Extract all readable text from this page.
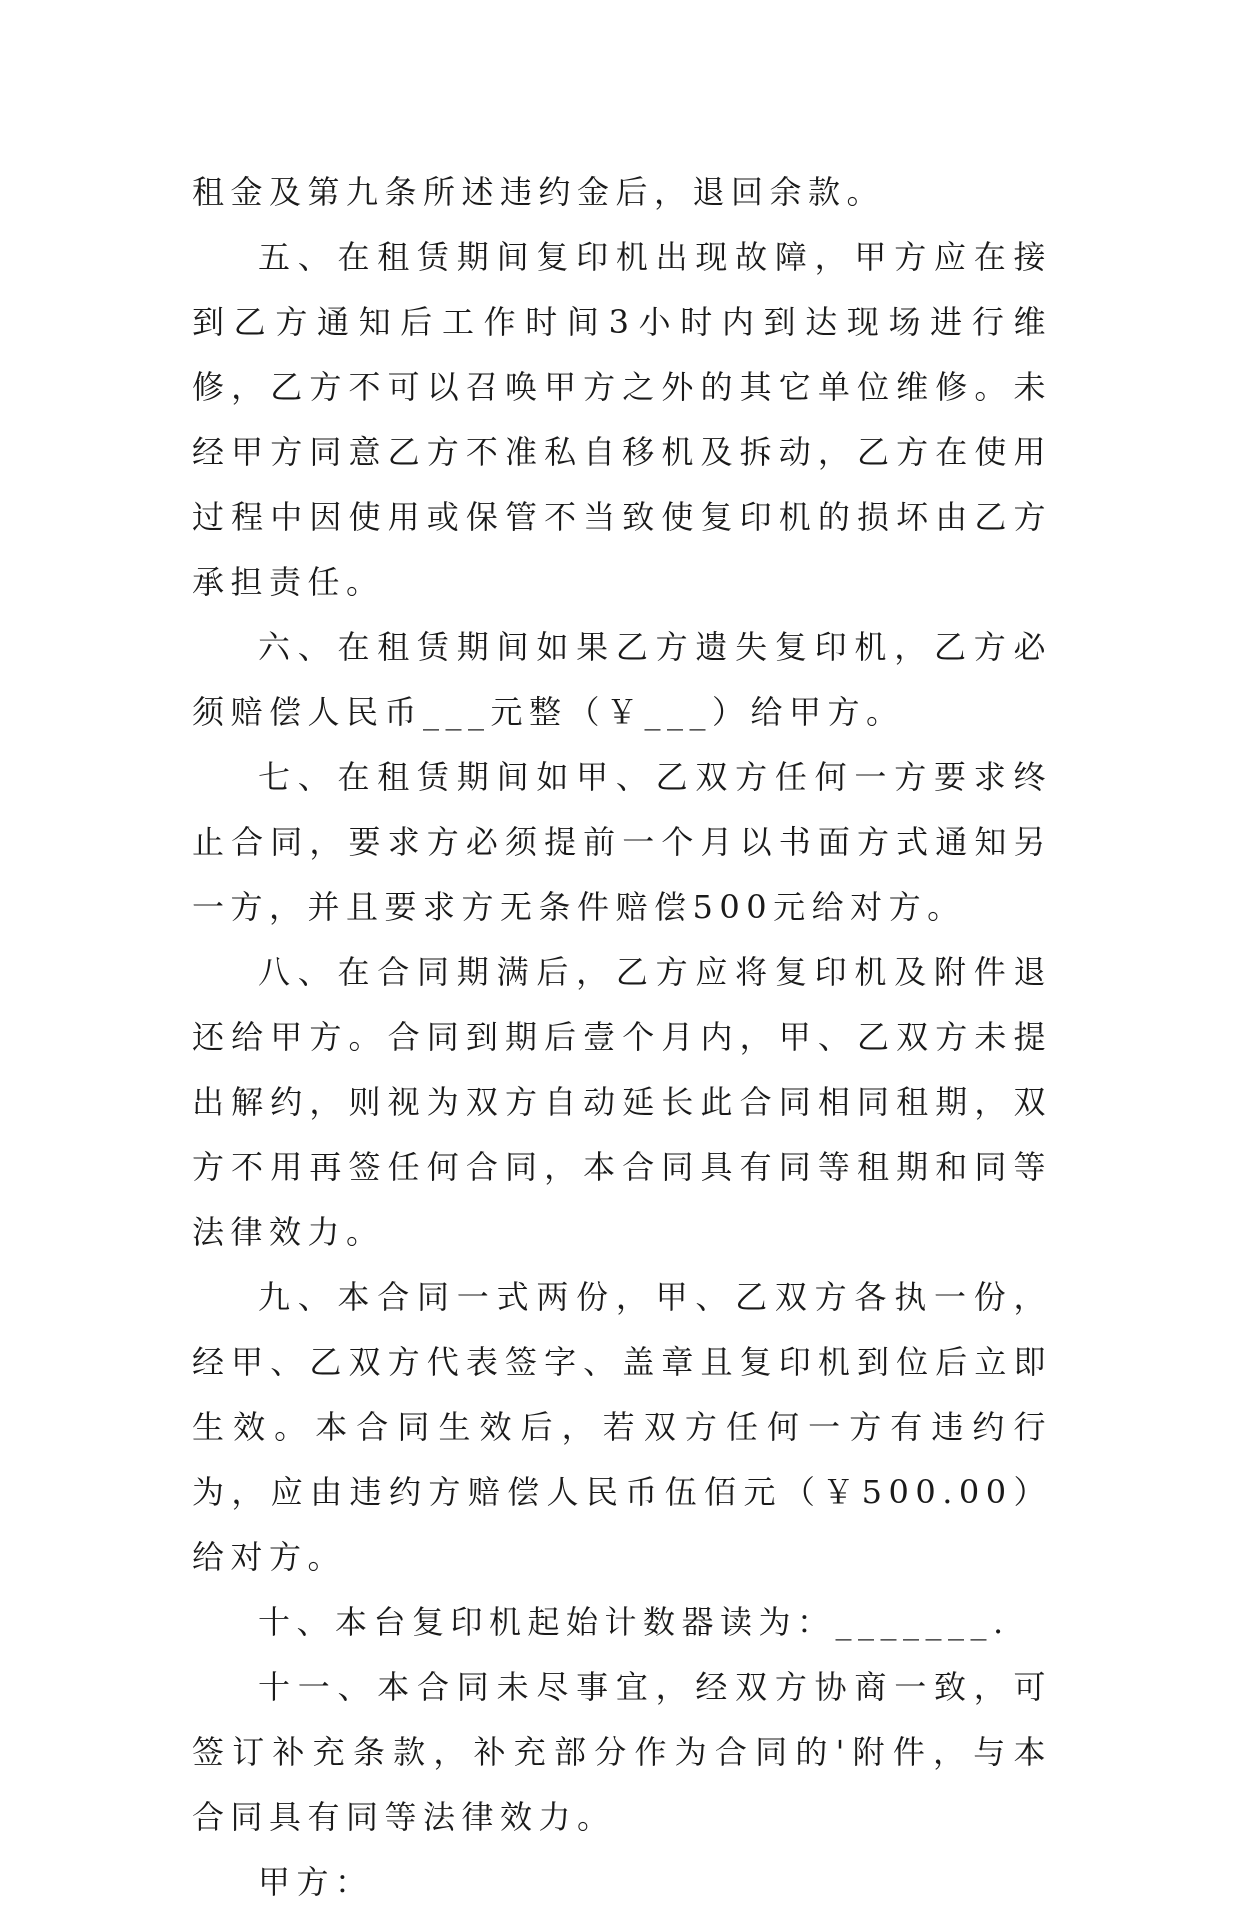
租金及第九条所述违约金后，退回余款。

五、在租赁期间复印机出现故障，甲方应在接到乙方通知后工作时间3小时内到达现场进行维修，乙方不可以召唤甲方之外的其它单位维修。未经甲方同意乙方不准私自移机及拆动，乙方在使用过程中因使用或保管不当致使复印机的损坏由乙方承担责任。

六、在租赁期间如果乙方遗失复印机，乙方必须赔偿人民币___元整（￥___）给甲方。

七、在租赁期间如甲、乙双方任何一方要求终止合同，要求方必须提前一个月以书面方式通知另一方，并且要求方无条件赔偿500元给对方。

八、在合同期满后，乙方应将复印机及附件退还给甲方。合同到期后壹个月内，甲、乙双方未提出解约，则视为双方自动延长此合同相同租期，双方不用再签任何合同，本合同具有同等租期和同等法律效力。

九、本合同一式两份，甲、乙双方各执一份，经甲、乙双方代表签字、盖章且复印机到位后立即生效。本合同生效后，若双方任何一方有违约行为，应由违约方赔偿人民币伍佰元（￥500.00）给对方。

十、本台复印机起始计数器读为：_______.

十一、本合同未尽事宜，经双方协商一致，可签订补充条款，补充部分作为合同的'附件，与本合同具有同等法律效力。

甲方：
